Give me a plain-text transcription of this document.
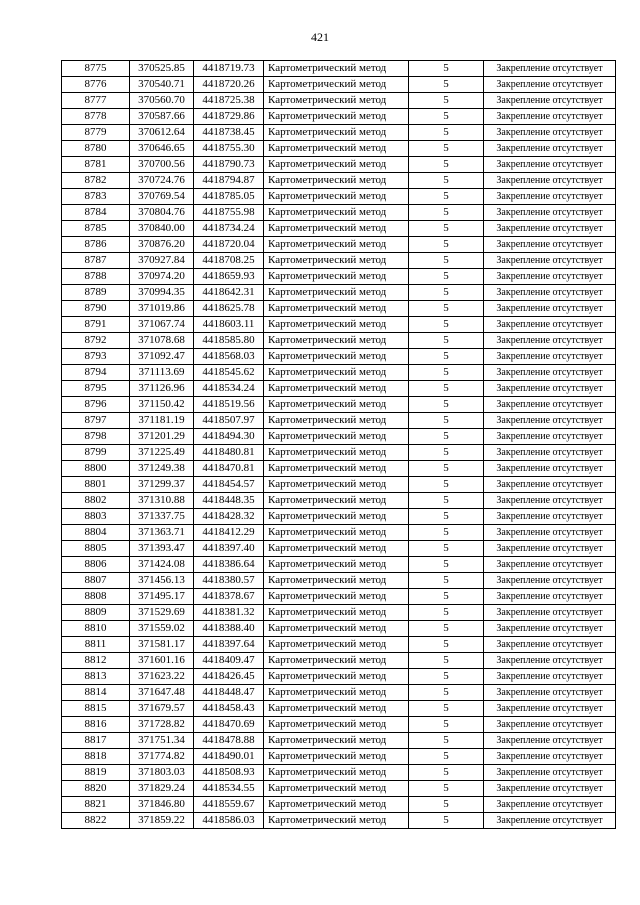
421
8775	370525.85	4418719.73	Картометрический метод	5	Закрепление отсутствует
8776	370540.71	4418720.26	Картометрический метод	5	Закрепление отсутствует
8777	370560.70	4418725.38	Картометрический метод	5	Закрепление отсутствует
8778	370587.66	4418729.86	Картометрический метод	5	Закрепление отсутствует
8779	370612.64	4418738.45	Картометрический метод	5	Закрепление отсутствует
8780	370646.65	4418755.30	Картометрический метод	5	Закрепление отсутствует
8781	370700.56	4418790.73	Картометрический метод	5	Закрепление отсутствует
8782	370724.76	4418794.87	Картометрический метод	5	Закрепление отсутствует
8783	370769.54	4418785.05	Картометрический метод	5	Закрепление отсутствует
8784	370804.76	4418755.98	Картометрический метод	5	Закрепление отсутствует
8785	370840.00	4418734.24	Картометрический метод	5	Закрепление отсутствует
8786	370876.20	4418720.04	Картометрический метод	5	Закрепление отсутствует
8787	370927.84	4418708.25	Картометрический метод	5	Закрепление отсутствует
8788	370974.20	4418659.93	Картометрический метод	5	Закрепление отсутствует
8789	370994.35	4418642.31	Картометрический метод	5	Закрепление отсутствует
8790	371019.86	4418625.78	Картометрический метод	5	Закрепление отсутствует
8791	371067.74	4418603.11	Картометрический метод	5	Закрепление отсутствует
8792	371078.68	4418585.80	Картометрический метод	5	Закрепление отсутствует
8793	371092.47	4418568.03	Картометрический метод	5	Закрепление отсутствует
8794	371113.69	4418545.62	Картометрический метод	5	Закрепление отсутствует
8795	371126.96	4418534.24	Картометрический метод	5	Закрепление отсутствует
8796	371150.42	4418519.56	Картометрический метод	5	Закрепление отсутствует
8797	371181.19	4418507.97	Картометрический метод	5	Закрепление отсутствует
8798	371201.29	4418494.30	Картометрический метод	5	Закрепление отсутствует
8799	371225.49	4418480.81	Картометрический метод	5	Закрепление отсутствует
8800	371249.38	4418470.81	Картометрический метод	5	Закрепление отсутствует
8801	371299.37	4418454.57	Картометрический метод	5	Закрепление отсутствует
8802	371310.88	4418448.35	Картометрический метод	5	Закрепление отсутствует
8803	371337.75	4418428.32	Картометрический метод	5	Закрепление отсутствует
8804	371363.71	4418412.29	Картометрический метод	5	Закрепление отсутствует
8805	371393.47	4418397.40	Картометрический метод	5	Закрепление отсутствует
8806	371424.08	4418386.64	Картометрический метод	5	Закрепление отсутствует
8807	371456.13	4418380.57	Картометрический метод	5	Закрепление отсутствует
8808	371495.17	4418378.67	Картометрический метод	5	Закрепление отсутствует
8809	371529.69	4418381.32	Картометрический метод	5	Закрепление отсутствует
8810	371559.02	4418388.40	Картометрический метод	5	Закрепление отсутствует
8811	371581.17	4418397.64	Картометрический метод	5	Закрепление отсутствует
8812	371601.16	4418409.47	Картометрический метод	5	Закрепление отсутствует
8813	371623.22	4418426.45	Картометрический метод	5	Закрепление отсутствует
8814	371647.48	4418448.47	Картометрический метод	5	Закрепление отсутствует
8815	371679.57	4418458.43	Картометрический метод	5	Закрепление отсутствует
8816	371728.82	4418470.69	Картометрический метод	5	Закрепление отсутствует
8817	371751.34	4418478.88	Картометрический метод	5	Закрепление отсутствует
8818	371774.82	4418490.01	Картометрический метод	5	Закрепление отсутствует
8819	371803.03	4418508.93	Картометрический метод	5	Закрепление отсутствует
8820	371829.24	4418534.55	Картометрический метод	5	Закрепление отсутствует
8821	371846.80	4418559.67	Картометрический метод	5	Закрепление отсутствует
8822	371859.22	4418586.03	Картометрический метод	5	Закрепление отсутствует
